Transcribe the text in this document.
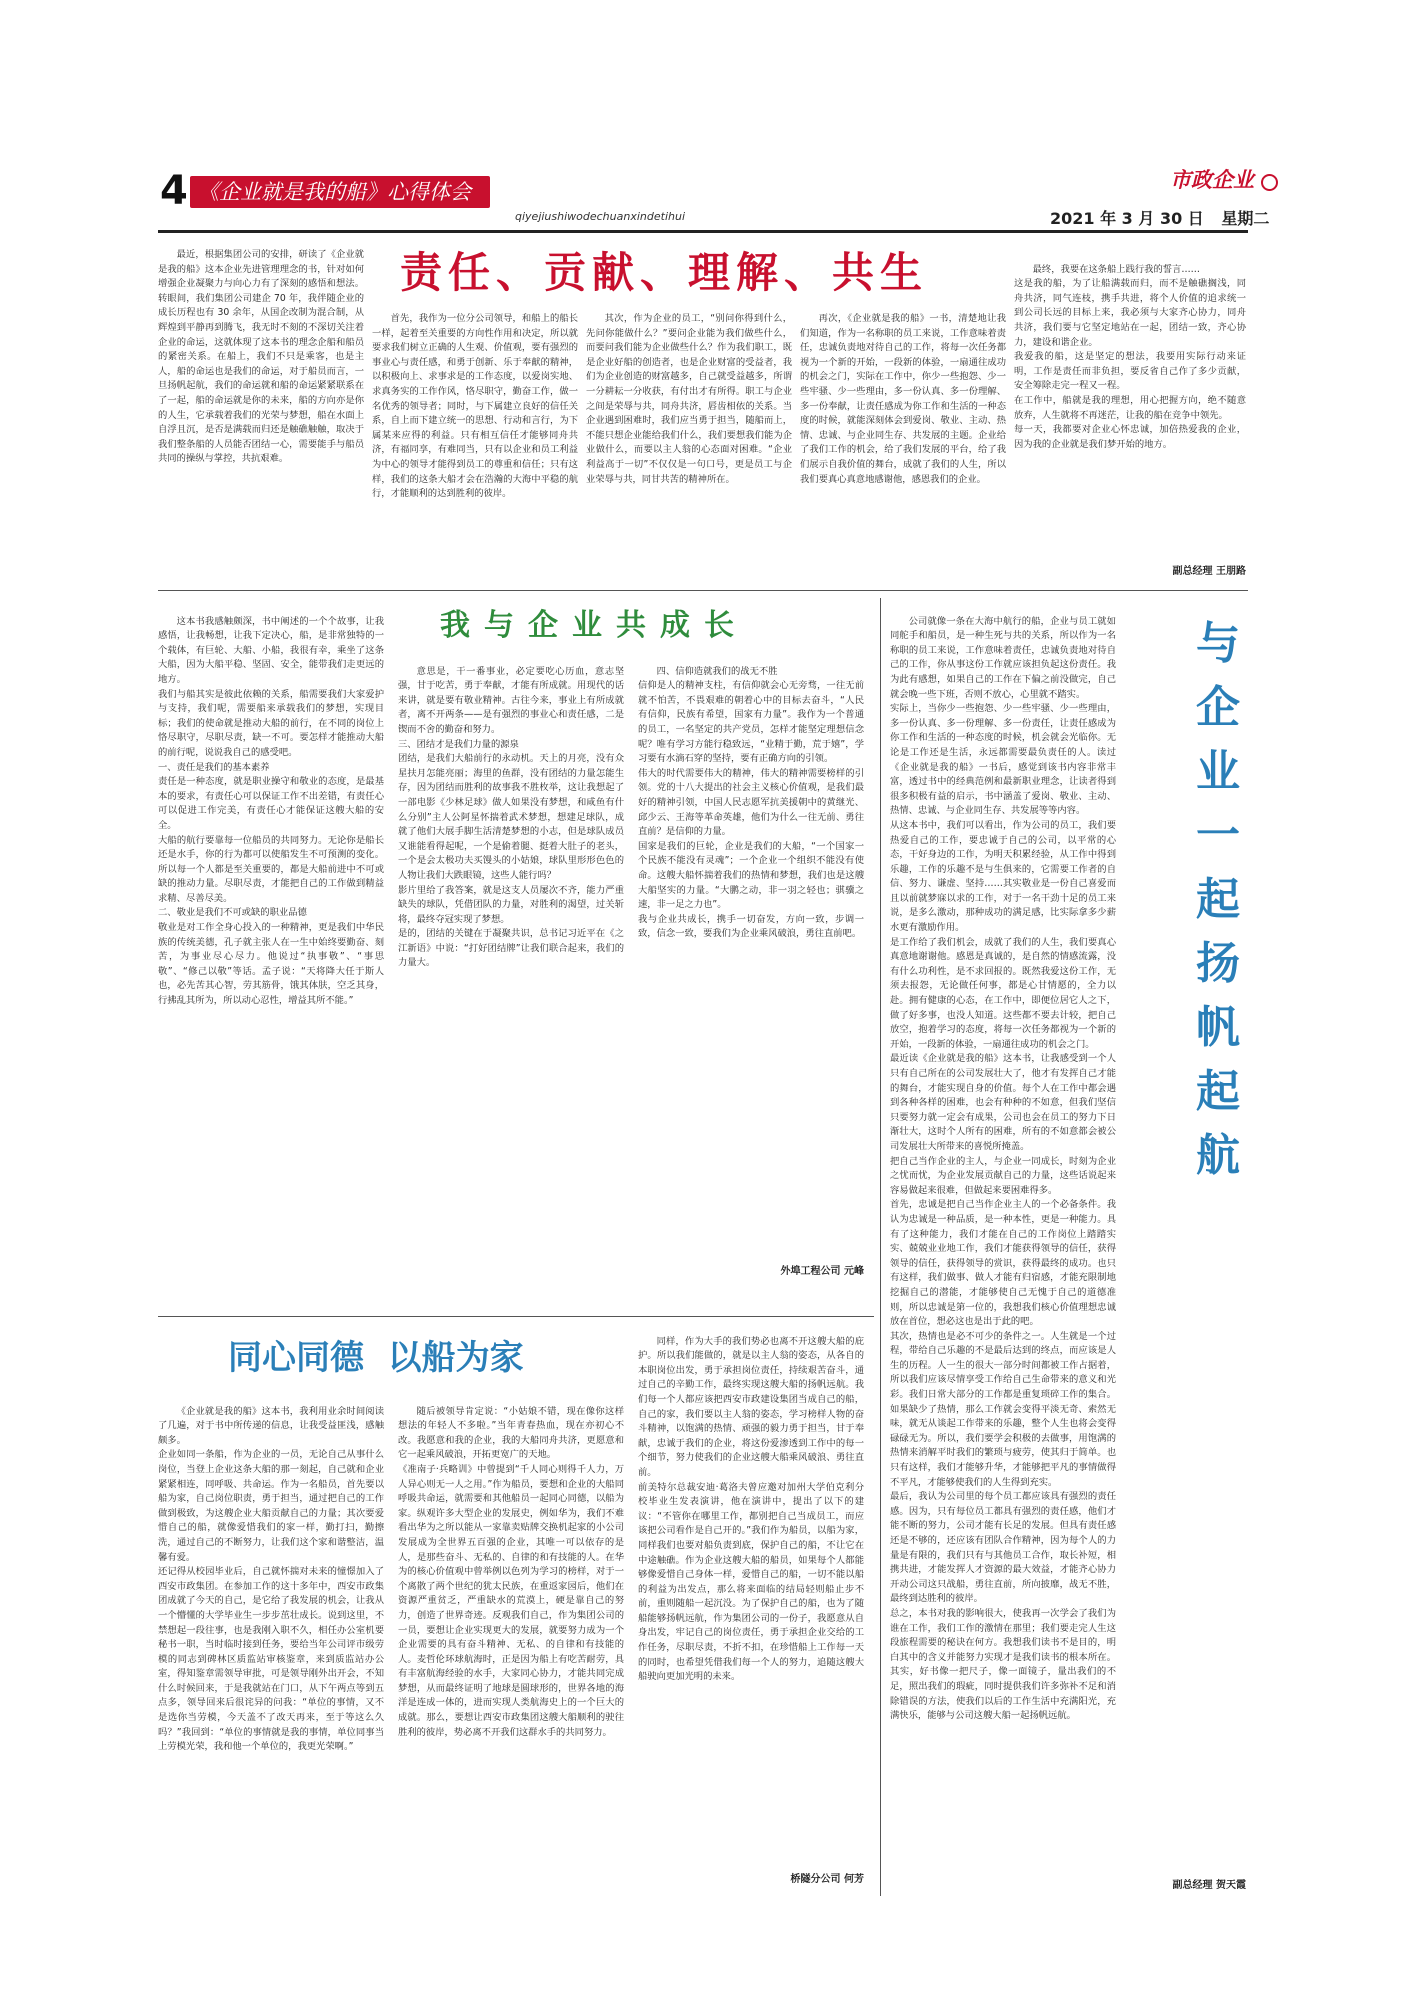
4 《企业就是我的船》心得体会
qiyejiushiwodechuanxindetihui
市政企业
2021 年 3 月 30 日 星期二
责任、贡献、理解、共生

最近，根据集团公司的安排，研读了《企业就是我的船》这本企业先进管理理念的书，针对如何增强企业凝聚力与向心力有了深刻的感悟和想法。转眼间，我们集团公司建企 70 年，我伴随企业的成长历程也有 30 余年，从国企改制为混合制，从辉煌到平静再到腾飞，我无时不刻的不深切关注着企业的命运，这就体现了这本书的理念企船和船员的紧密关系。在船上，我们不只是乘客，也是主人，船的命运也是我们的命运，对于船员而言，一旦扬帆起航，我们的命运就和船的命运紧紧联系在了一起，船的命运就是你的未来，船的方向亦是你的人生，它承载着我们的光荣与梦想，船在水面上自浮且沉，是否是满载而归还是触礁触触，取决于我们整条船的人员能否团结一心，需要能手与船员共同的操纵与掌控，共抗艰难。

首先，我作为一位分公司领导，和船上的船长一样，起着至关重要的方向性作用和决定，所以就要求我们树立正确的人生观、价值观，要有强烈的事业心与责任感，和勇于创新、乐于奉献的精神，以积极向上、求事求是的工作态度，以爱岗实地、求真务实的工作作风，恪尽职守，勤奋工作，做一名优秀的领导者；同时，与下属建立良好的信任关系，自上而下建立统一的思想、行动和言行，为下属某来应得的利益。只有相互信任才能够同舟共济，有福同享，有难同当，只有以企业和员工利益为中心的领导才能得到员工的尊重和信任；只有这样，我们的这条大船才会在浩瀚的大海中平稳的航行，才能顺利的达到胜利的彼岸。

其次，作为企业的员工，“别问你得到什么，先问你能做什么？”要问企业能为我们做些什么，而要问我们能为企业做些什么？作为我们职工，既是企业好船的创造者，也是企业财富的受益者，我们为企业创造的财富越多，自己就受益越多，所谓一分耕耘一分收获，有付出才有所得。职工与企业之间是荣辱与共，同舟共济，唇齿相依的关系。当企业遇到困难时，我们应当勇于担当，随船而上，不能只想企业能给我们什么，我们要想我们能为企业做什么，而要以主人翁的心态面对困难。“企业利益高于一切”不仅仅是一句口号，更是员工与企业荣辱与共，同甘共苦的精神所在。

再次，《企业就是我的船》一书，清楚地让我们知道，作为一名称职的员工来说，工作意味着责任，忠诚负责地对待自己的工作，将每一次任务都视为一个新的开始，一段新的体验，一扇通往成功的机会之门，实际在工作中，你少一些抱怨、少一些牢骚、少一些理由，多一份认真、多一份理解、多一份奉献，让责任感成为你工作和生活的一种态度的时候，就能深刻体会到爱岗、敬业、主动、热情、忠诚、与企业同生存、共发展的主题。企业给了我们工作的机会，给了我们发展的平台，给了我们展示自我价值的舞台，成就了我们的人生，所以我们要真心真意地感谢他，感恩我们的企业。

最终，我要在这条船上践行我的誓言……
这是我的船，为了让船满载而归，而不是触礁搁浅，同舟共济，同气连枝，携手共进，将个人价值的追求统一到公司长远的目标上来，我必须与大家齐心协力，同舟共济，我们要与它坚定地站在一起，团结一致，齐心协力，建设和谐企业。
我爱我的船，这是坚定的想法，我要用实际行动来证明，工作是责任而非负担，要反省自己作了多少贡献，安全筹除走完一程又一程。
在工作中，船就是我的理想，用心把握方向，绝不随意放弃，人生就将不再迷茫，让我的船在竞争中领先。
每一天，我都要对企业心怀忠诚，加倍热爱我的企业，因为我的企业就是我们梦开始的地方。

副总经理 王朋路
我与企业共成长

这本书我感触颇深，书中阐述的一个个故事，让我感悟，让我畅想，让我下定决心，船，是非常独特的一个载体，有巨轮、大船、小船，我很有幸，乘坐了这条大船，因为大船平稳、坚固、安全，能带我们走更远的地方。
我们与船其实是彼此依赖的关系，船需要我们大家爱护与支持，我们呢，需要船来承载我们的梦想，实现目标；我们的使命就是推动大船的前行，在不同的岗位上恪尽职守，尽职尽责，缺一不可。要怎样才能推动大船的前行呢，说说我自己的感受吧。
一、责任是我们的基本素养
责任是一种态度，就是职业操守和敬业的态度，是最基本的要求，有责任心可以保证工作不出差错，有责任心可以促进工作完美，有责任心才能保证这艘大船的安全。
大船的航行要靠每一位船员的共同努力。无论你是船长还是水手，你的行为都可以使船发生不可预测的变化。所以每一个人都是至关重要的，都是大船前进中不可或缺的推动力量。尽职尽责，才能把自己的工作做到精益求精、尽善尽美。
二、敬业是我们不可或缺的职业品德
敬业是对工作全身心投入的一种精神，更是我们中华民族的传统美德，孔子就主张人在一生中始终要勤奋、刻苦，为事业尽心尽力。他说过“执事敬”、“事思敬”、“修己以敬”等话。孟子说：“天将降大任于斯人也，必先苦其心智，劳其筋骨，饿其体肤，空乏其身，行拂乱其所为，所以动心忍性，增益其所不能。”

意思是，干一番事业，必定要吃心历血，意志坚强，甘于吃苦，勇于奉献，才能有所成就。用现代的话来讲，就是要有敬业精神。古往今来，事业上有所成就者，离不开两条——是有强烈的事业心和责任感，二是锲而不舍的勤奋和努力。
三、团结才是我们力量的源泉
团结，是我们大船前行的永动机。天上的月亮，没有众星扶月怎能亮丽；海里的鱼群，没有团结的力量怎能生存，因为团结而胜利的故事我不胜枚举，这让我想起了一部电影《少林足球》做人如果没有梦想，和咸鱼有什么分别”主人公阿星怀揣着武术梦想，想建足球队，成就了他们大展手脚生活清楚梦想的小志，但是球队成员又谁能看得起呢，一个是偷着腿、挺着大肚子的老头，一个是会太极功夫买馒头的小姑娘，球队里形形色色的人物让我们大跌眼镜，这些人能行吗？
影片里给了我答案，就是这支人员屡次不齐，能力严重缺失的球队，凭借团队的力量，对胜利的渴望，过关斩将，最终夺冠实现了梦想。
是的，团结的关键在于凝聚共识，总书记习近平在《之江新语》中说：“打好团结牌”让我们联合起来，我们的力量大。

四、信仰造就我们的战无不胜
信仰是人的精神支柱，有信仰就会心无旁骛，一往无前就不怕苦，不畏艰难的朝着心中的目标去奋斗，“人民有信仰，民族有希望，国家有力量”。我作为一个普通的员工，一名坚定的共产党员，怎样才能坚定理想信念呢？唯有学习方能行稳致远，“业精于勤，荒于嬉”，学习要有水滴石穿的坚持，要有正确方向的引领。
伟大的时代需要伟大的精神，伟大的精神需要榜样的引领。党的十八大提出的社会主义核心价值观，是我们最好的精神引领，中国人民志愿军抗美援朝中的黄继光、邱少云、王海等革命英雄，他们为什么一往无前、勇往直前？是信仰的力量。
国家是我们的巨轮，企业是我们的大船，“一个国家一个民族不能没有灵魂”；一个企业一个组织不能没有使命。这艘大船怀揣着我们的热情和梦想，我们也是这艘大船坚实的力量。“大鹏之动，非一羽之轻也；骐骥之速，非一足之力也”。
我与企业共成长，携手一切奋发，方向一致，步调一致，信念一致，要我们为企业乘风破浪，勇往直前吧。

外埠工程公司 元峰

公司就像一条在大海中航行的船，企业与员工就如同舵手和船员，是一种生死与共的关系，所以作为一名称职的员工来说，工作意味着责任，忠诚负责地对待自己的工作，你从事这份工作就应该担负起这份责任。我为此有感想，如果自己的工作在下偏之前没做完，自己就会晚一些下班，否则不放心，心里就不踏实。
实际上，当你少一些抱怨、少一些牢骚、少一些理由，多一份认真、多一份理解、多一份责任，让责任感成为你工作和生活的一种态度的时候，机会就会光临你。无论是工作还是生活，永远都需要最负责任的人。读过《企业就是我的船》一书后，感觉到该书内容非常丰富，透过书中的经典范例和最新职业理念，让读者得到很多积极有益的启示，书中涵盖了爱岗、敬业、主动、热情、忠诚、与企业同生存、共发展等等内容。
从这本书中，我们可以看出，作为公司的员工，我们要热爱自己的工作，要忠诚于自己的公司，以平常的心态，干好身边的工作，为明天积累经验，从工作中得到乐趣，工作的乐趣不是与生俱来的，它需要工作者的自信、努力、谦虚、坚持……其实敬业是一份自己喜爱而且以前就梦寐以求的工作，对于一名干劲十足的员工来说，是多么激动，那种成功的满足感，比实际拿多少薪水更有激励作用。
是工作给了我们机会，成就了我们的人生，我们要真心真意地谢谢他。感恩是真诚的，是自然的情感流露，没有什么功利性，是不求回报的。既然我爱这份工作，无须去报怨，无论做任何事，都是心甘情愿的，全力以赴。拥有健康的心态，在工作中，即便位居它人之下，做了好多事，也没人知道。这些都不要去计较，把自己放空，抱着学习的态度，将每一次任务都视为一个新的开始，一段新的体验，一扇通往成功的机会之门。
最近读《企业就是我的船》这本书，让我感受到一个人只有自己所在的公司发展壮大了，他才有发挥自己才能的舞台，才能实现自身的价值。每个人在工作中都会遇到各种各样的困难，也会有种种的不如意，但我们坚信只要努力就一定会有成果，公司也会在员工的努力下日渐壮大，这时个人所有的困难，所有的不如意都会被公司发展壮大所带来的喜悦所掩盖。
把自己当作企业的主人，与企业一同成长，时刻为企业之忧而忧，为企业发展贡献自己的力量，这些话说起来容易做起来很难，但做起来要困难得多。
首先，忠诚是把自己当作企业主人的一个必备条件。我认为忠诚是一种品质，是一种本性，更是一种能力。具有了这种能力，我们才能在自己的工作岗位上踏踏实实、兢兢业业地工作，我们才能获得领导的信任，获得领导的信任，获得领导的赏识，获得最终的成功。也只有这样，我们做事、做人才能有归宿感，才能充限制地挖掘自己的潜能，才能够使自己无愧于自己的道德准则，所以忠诚是第一位的，我想我们核心价值理想忠诚放在首位，想必这也是出于此的吧。
其次，热情也是必不可少的条件之一。人生就是一个过程，带给自己乐趣的不是最后达到的终点，而应该是人生的历程。人一生的很大一部分时间都被工作占据着，所以我们应该尽情享受工作给自己生命带来的意义和光彩。我们日常大部分的工作都是重复琐碎工作的集合。如果缺少了热情，那么工作就会变得平淡无奇、索然无味，就无从谈起工作带来的乐趣，整个人生也将会变得碌碌无为。所以，我们要学会积极的去做事，用饱满的热情来消解平时我们的繁琐与疲劳，使其归于简单。也只有这样，我们才能够升华，才能够把平凡的事情做得不平凡，才能够使我们的人生得到充实。
最后，我认为公司里的每个员工都应该具有强烈的责任感。因为，只有每位员工都具有强烈的责任感，他们才能不断的努力，公司才能有长足的发展。但具有责任感还是不够的，还应该有团队合作精神，因为每个人的力量是有限的，我们只有与其他员工合作，取长补短，相携共进，才能发挥人才资源的最大效益，才能齐心协力开动公司这只战船，勇往直前，所向披靡，战无不胜，最终到达胜利的彼岸。
总之，本书对我的影响很大，使我再一次学会了我们为谁在工作，我们工作的激情在那里；我们要走完人生这段旅程需要的秘诀在何方。我想我们读书不是目的，明白其中的含义并能努力实现才是我们读书的根本所在。其实，好书像一把尺子，像一面镜子，量出我们的不足，照出我们的瑕疵，同时提供我们许多弥补不足和消除错误的方法，使我们以后的工作生活中充满阳光，充满快乐，能够与公司这艘大船一起扬帆远航。

与企业一起扬帆起航
副总经理 贺天霞
同心同德  以船为家

《企业就是我的船》这本书，我利用业余时间阅读了几遍，对于书中所传递的信息，让我受益匪浅，感触颇多。
企业如同一条船，作为企业的一员，无论自己从事什么岗位，当登上企业这条大船的那一刻起，自己就和企业紧紧相连，同呼吸、共命运。作为一名船员，首先要以船为家，自己岗位职责，勇于担当，通过把自己的工作做到极致，为这艘企业大船贡献自己的力量；其次要爱惜自己的船，就像爱惜我们的家一样，勤打扫，勤擦洗，通过自己的不断努力，让我们这个家和谐整洁，温馨有爱。
还记得从校园毕业后，自己就怀揣对未来的憧憬加入了西安市政集团。在参加工作的这十多年中，西安市政集团成就了今天的自己，是它给了我发展的机会，让我从一个懵懂的大学毕业生一步步茁壮成长。说到这里，不禁想起一段往事，也是我刚入职不久，相任办公室机要秘书一职，当时临时接到任务，要给当年公司评市级劳模的同志到碑林区质监站审核鉴章，来到质监站办公室，得知鉴章需领导审批，可是领导刚外出开会，不知什么时候回来，于是我就站在门口，从下午两点等到五点多，领导回来后很诧异的问我：“单位的事情，又不是选你当劳模，今天盖不了改天再来，至于等这么久吗？”我回到：“单位的事情就是我的事情，单位同事当上劳模光荣，我和他一个单位的，我更光荣啊。”

随后被领导肯定说：“小姑娘不错，现在像你这样想法的年轻人不多啦。”当年青春热血，现在亦初心不改。我愿意和我的企业，我的大船同舟共济，更愿意和它一起乘风破浪，开拓更宽广的天地。
《准南子·兵略训》中曾提到“千人同心则得千人力，万人异心则无一人之用。”作为船员，要想和企业的大船同呼吸共命运，就需要和其他船员一起同心同德，以船为家。纵观许多大型企业的发展史，例如华为，我们不难看出华为之所以能从一家靠卖贴牌交换机起家的小公司发展成为全世界五百强的企业，其唯一可以依存的是人，是那些奋斗、无私的、自律的和有技能的人。在华为的核心价值观中曾举例以色列为学习的榜样，对于一个离散了两个世纪的犹太民族，在重返家园后，他们在资源严重贫乏，严重缺水的荒漠上，硬是靠自己的努力，创造了世界奇迹。反观我们自己，作为集团公司的一员，要想让企业实现更大的发展，就要努力成为一个企业需要的具有奋斗精神、无私、的自律和有技能的人。麦哲伦环球航海时，正是因为船上有吃苦耐劳，具有丰富航海经验的水手，大家同心协力，才能共同完成梦想，从而最终证明了地球是圆球形的，世界各地的海洋是连成一体的，进而实现人类航海史上的一个巨大的成就。那么，要想让西安市政集团这艘大船顺利的驶往胜利的彼岸，势必离不开我们这群水手的共同努力。

同样，作为大手的我们势必也离不开这艘大船的庇护。所以我们能做的，就是以主人翁的姿态，从各自的本职岗位出发，勇于承担岗位责任，持续艰苦奋斗，通过自己的辛勤工作，最终实现这艘大船的扬帆远航。我们每一个人都应该把西安市政建设集团当成自己的船，自己的家，我们要以主人翁的姿态，学习榜样人物的奋斗精神，以饱满的热情、顽强的毅力勇于担当，甘于奉献，忠诚于我们的企业，将这份爱渗透到工作中的每一个细节，努力使我们的企业这艘大船乘风破浪、勇往直前。
前美特尔总裁安迪·葛洛夫曾应邀对加州大学伯克利分校毕业生发表演讲，他在演讲中，提出了以下的建议：“不管你在哪里工作，都别把自己当成员工，而应该把公司看作是自己开的。”我们作为船员，以船为家，同样我们也要对船负责到底，保护自己的船，不让它在中途触礁。作为企业这艘大船的船员，如果每个人都能够像爱惜自己身体一样，爱惜自己的船，一切不能以船的利益为出发点，那么将来面临的结局轻则船止步不前，重则随船一起沉没。为了保护自己的船，也为了随船能够扬帆远航，作为集团公司的一份子，我愿意从自身出发，牢记自己的岗位责任，勇于承担企业交给的工作任务，尽职尽责，不折不扣，在珍惜船上工作每一天的同时，也希望凭借我们每一个人的努力，追随这艘大船驶向更加光明的未来。

桥隧分公司 何芳
